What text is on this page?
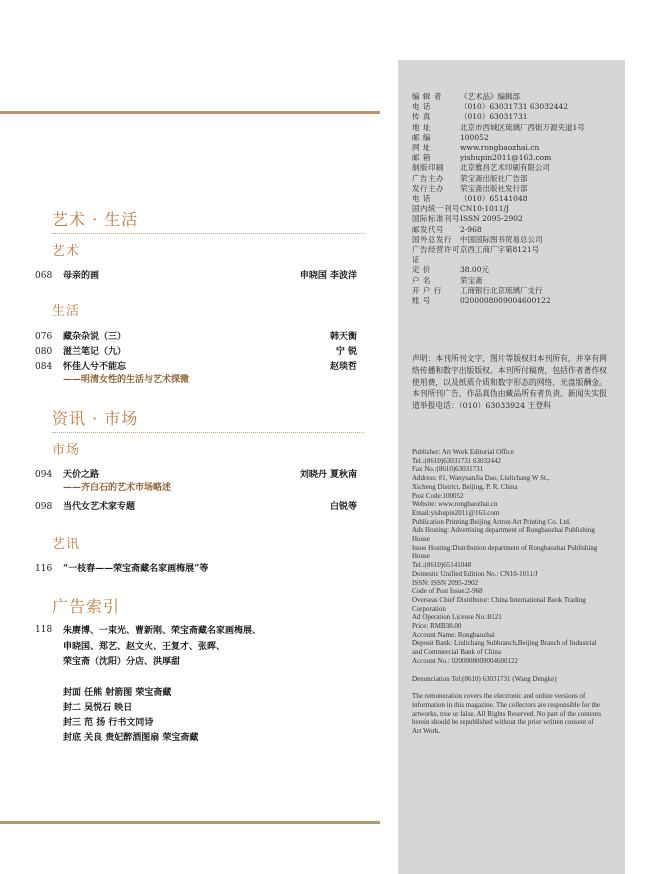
艺术 · 生活
艺术
068	母亲的画	申晓国 李波洋
生活
076	藏杂杂说（三）	韩天衡
080	滋兰笔记（九）	宁 锐
084	怀佳人兮不能忘	赵琰哲
——明清女性的生活与艺术探微
资讯 · 市场
市场
094	天价之路	刘晓丹 夏秋南
——齐白石的艺术市场略述
098	当代女艺术家专题	白锐等
艺讯
116	“一枝春——荣宝斋藏名家画梅展”等
广告索引
118 朱赓博、一束光、曹新刚、荣宝斋藏名家画梅展、
申晓国、郑艺、赵文火、王复才、张晖、
荣宝斋（沈阳）分店、洪厚甜
封面 任熊 射箭图 荣宝斋藏
封二 吴悦石 映日
封三 范 扬 行书文同诗
封底 关良 贵妃醉酒图扇 荣宝斋藏
编 辑 者	《艺术品》编辑部
电 话	（010）63031731 63032442
传 真	（010）63031731
地 址	北京市西城区琉璃厂西街万源夹道1号
邮 编	100052
网 址	www.rongbaozhai.cn
邮 箱	yishupin2011@163.com
制版印刷	北京雅昌艺术印刷有限公司
广告主办	荣宝斋出版社广告部
发行主办	荣宝斋出版社发行部
电 话	（010）65141048
国内统一刊号 CN10-1011/J
国际标准刊号 ISSN 2095-2902
邮发代号	2-968
国外总发行	中国国际图书贸易总公司
广告经营许可证
京西工商广字第8121号
定 价	38.00元
户 名	荣宝斋
开 户 行	工商银行北京琉璃厂支行
账 号	0200008009004600122
声明：本刊所刊文字、图片等版权归本刊所有，并享有网络传播和数字出版版权。本刊所付稿费，包括作者著作权使用费，以及纸质介质和数字形态的网络、光盘版酬金。本刊所刊广告，作品真伪由藏品所有者负责。新闻失实报道举报电话：（010）63033924 王登科
Publisher: Art Work Editorial Office
Tel.:(8610)63031731 63032442
Fax No.:(8610)63031731
Address: #1, WanyuanJia Dao, Liulichang W St.,
Xicheng District, Beijing, P. R. China
Post Code:100052
Website: www.rongbaozhai.cn
Email:yishupin2011@163.com
Publication Printing:Beijing Artron Art Printing Co. Ltd.
Ads Hosting: Advertising department of Rongbaozhai Publishing House
Issue Hosting:Distribution department of Rongbaozhai Publishing House
Tel.:(8610)65141048
Domestic Unified Edition No.: CN10-1011/J
ISSN: ISSN 2095-2902
Code of Post Issue:2-968
Overseas Chief Distributor: China International Book Trading Corporation
Ad Operation License No.:8121
Price: RMB38.00
Account Name: Rongbaozhai
Deposit Bank: Liulichang Subbranch,Beijing Branch of Industrial and Commercial Bank of China
Account No.: 0200008009004600122
Denunciation Tel:(8610) 63031731 (Wang Dengke)
The remuneration covers the electronic and online versions of information in this magazine. The collectors are responsible for the artworks, true or false. All Rights Reserved. No part of the contents herein should be republished without the prior written consent of Art Work.
